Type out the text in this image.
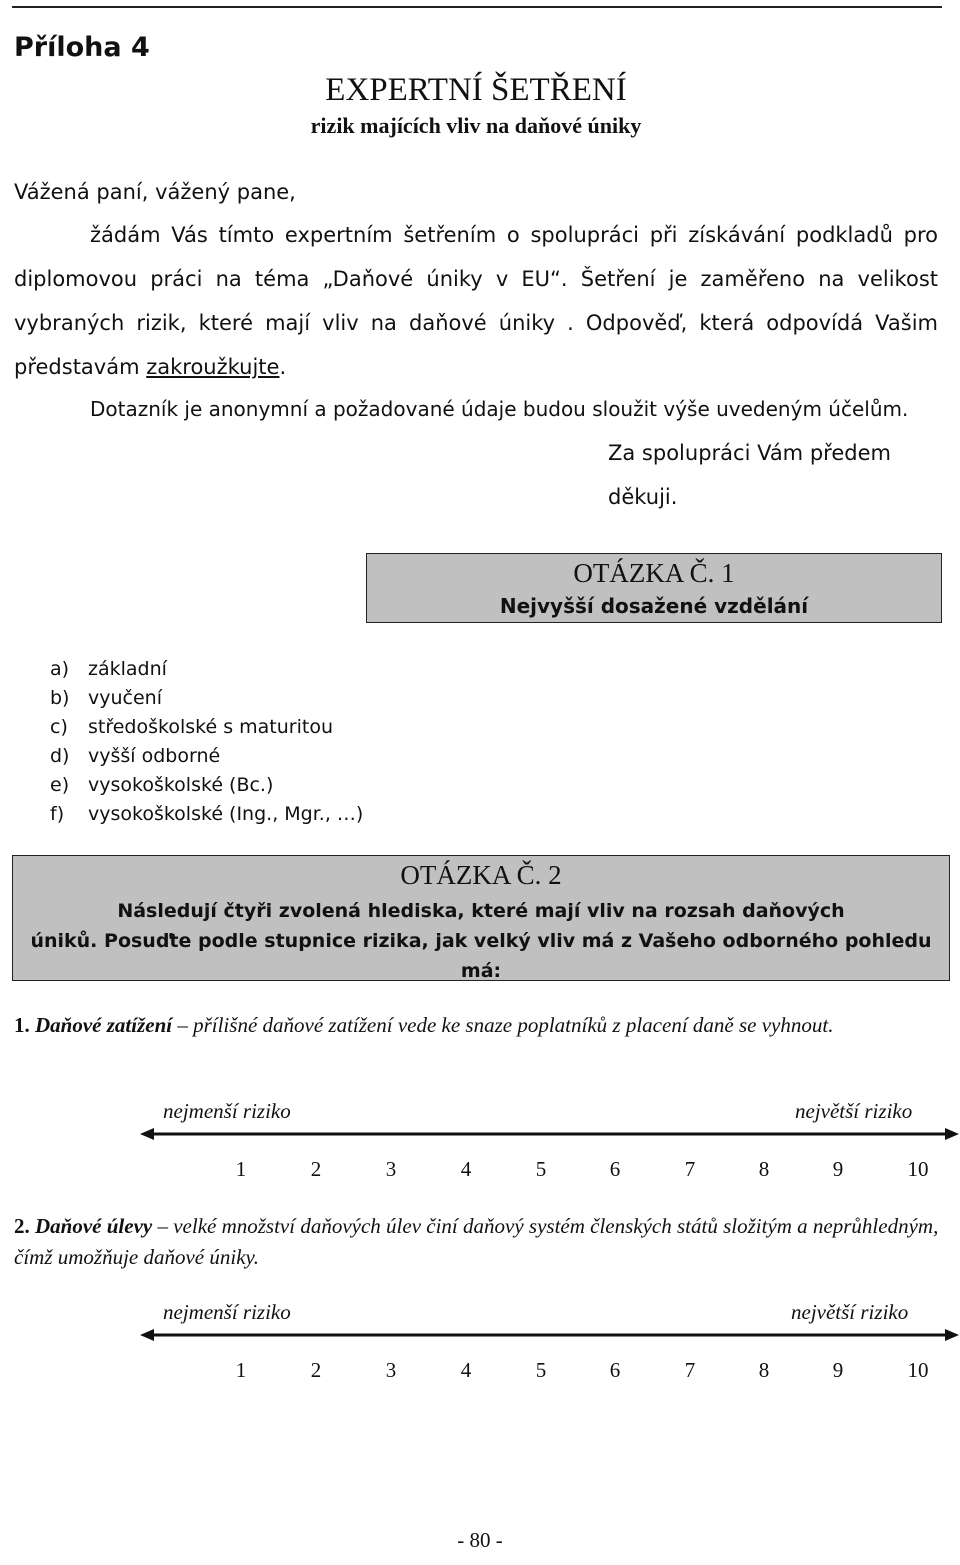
Příloha 4
EXPERTNÍ ŠETŘENÍ
rizik majících vliv na daňové úniky
Vážená paní, vážený pane,
žádám Vás tímto expertním šetřením o spolupráci při získávání podkladů pro
diplomovou práci na téma „Daňové úniky v EU“. Šetření je zaměřeno na velikost
vybraných rizik, které mají vliv na daňové úniky . Odpověď, která odpovídá Vašim
představám zakroužkujte.
Dotazník je anonymní a požadované údaje budou sloužit výše uvedeným účelům.
Za spolupráci Vám předem
děkuji.
OTÁZKA Č. 1
Nejvyšší dosažené vzdělání
a) základní
b) vyučení
c) středoškolské s maturitou
d) vyšší odborné
e) vysokoškolské (Bc.)
f) vysokoškolské (Ing., Mgr., …)
OTÁZKA Č. 2
Následují čtyři zvolená hlediska, které mají vliv na rozsah daňových
úniků. Posuďte podle stupnice rizika, jak velký vliv má z Vašeho odborného pohledu
má:
1. Daňové zatížení – přílišné daňové zatížení vede ke snaze poplatníků z placení daně se vyhnout.
nejmenší riziko	největší riziko
1	2	3	4	5	6	7	8	9	10
2. Daňové úlevy – velké množství daňových úlev činí daňový systém členských států složitým a neprůhledným, čímž umožňuje daňové úniky.
nejmenší riziko	největší riziko
1	2	3	4	5	6	7	8	9	10
- 80 -
